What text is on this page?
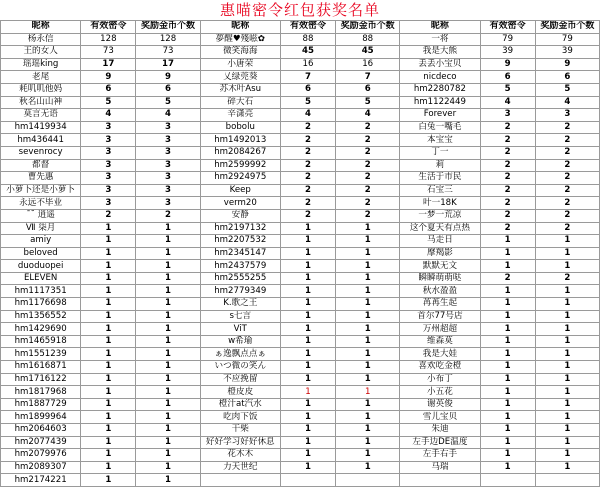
惠喵密令红包获奖名单
昵称	有效密令	奖励金币个数	昵称	有效密令	奖励金币个数	昵称	有效密令	奖励金币个数
杨永信	128	128	夢醒♥殘嗞✿	88	88	一将	79	79
王的女人	73	73	微笑海海	45	45	我是大熊	39	39
瑶瑶king	17	17	小唐荣	16	16	丢丢小宝贝	9	9
老尾	9	9	乂绿莞葵	7	7	nicdeco	6	6
耗叽叽他妈	6	6	苏木叶Asu	6	6	hm2280782	5	5
秋名山山神	5	5	碎大石	5	5	hm1122449	4	4
莫言无语	4	4	辛潇亮	4	4	Forever	3	3
hm1419934	3	3	bobolu	2	2	白兔一嘴毛	2	2
hm436441	3	3	hm1492013	2	2	本宝宝	2	2
sevenrocy	3	3	hm2084267	2	2	丁一	2	2
都督	3	3	hm2599992	2	2	莉	2	2
曹先惠	3	3	hm2924975	2	2	生活于市民	2	2
小萝卜还是小萝卜	3	3	Keep	2	2	石宝三	2	2
永远不毕业	3	3	verm20	2	2	叶一18K	2	2
¯˘ 逍遥	2	2	安静	2	2	一梦一荒凉	2	2
Ⅶ 柒月	1	1	hm2197132	1	1	这个夏天有点热	2	2
amiy	1	1	hm2207532	1	1	马走日	1	1
beloved	1	1	hm2345147	1	1	摩羯影	1	1
duoduopei	1	1	hm2437579	1	1	默默无文	1	1
ELEVEN	1	1	hm2555255	1	1	瞬瞬萌萌哒	2	2
hm1117351	1	1	hm2779349	1	1	秋水盈盈	1	1
hm1176698	1	1	K.歌之王	1	1	苒苒生起	1	1
hm1356552	1	1	s七言	1	1	首尔77号店	1	1
hm1429690	1	1	ViT	1	1	万州超超	1	1
hm1465918	1	1	w希瑜	1	1	维森莫	1	1
hm1551239	1	1	ぁ逸飘点点ぁ	1	1	我是大娃	1	1
hm1616871	1	1	いつ微の笑ん	1	1	喜欢吃金橙	1	1
hm1716122	1	1	不应挽留	1	1	小布丁	1	1
hm1817968	1	1	橙皮皮	1	1	小五花	1	1
hm1887729	1	1	橙汁at汽水	1	1	谢英俊	1	1
hm1899964	1	1	吃肉下饭	1	1	雪儿宝贝	1	1
hm2064603	1	1	干柴	1	1	朱迪	1	1
hm2077439	1	1	好好学习好好休息	1	1	左手边DE温度	1	1
hm2079976	1	1	花木木	1	1	左手右手	1	1
hm2089307	1	1	力天世纪	1	1	马瑞	1	1
hm2174221	1	1						
